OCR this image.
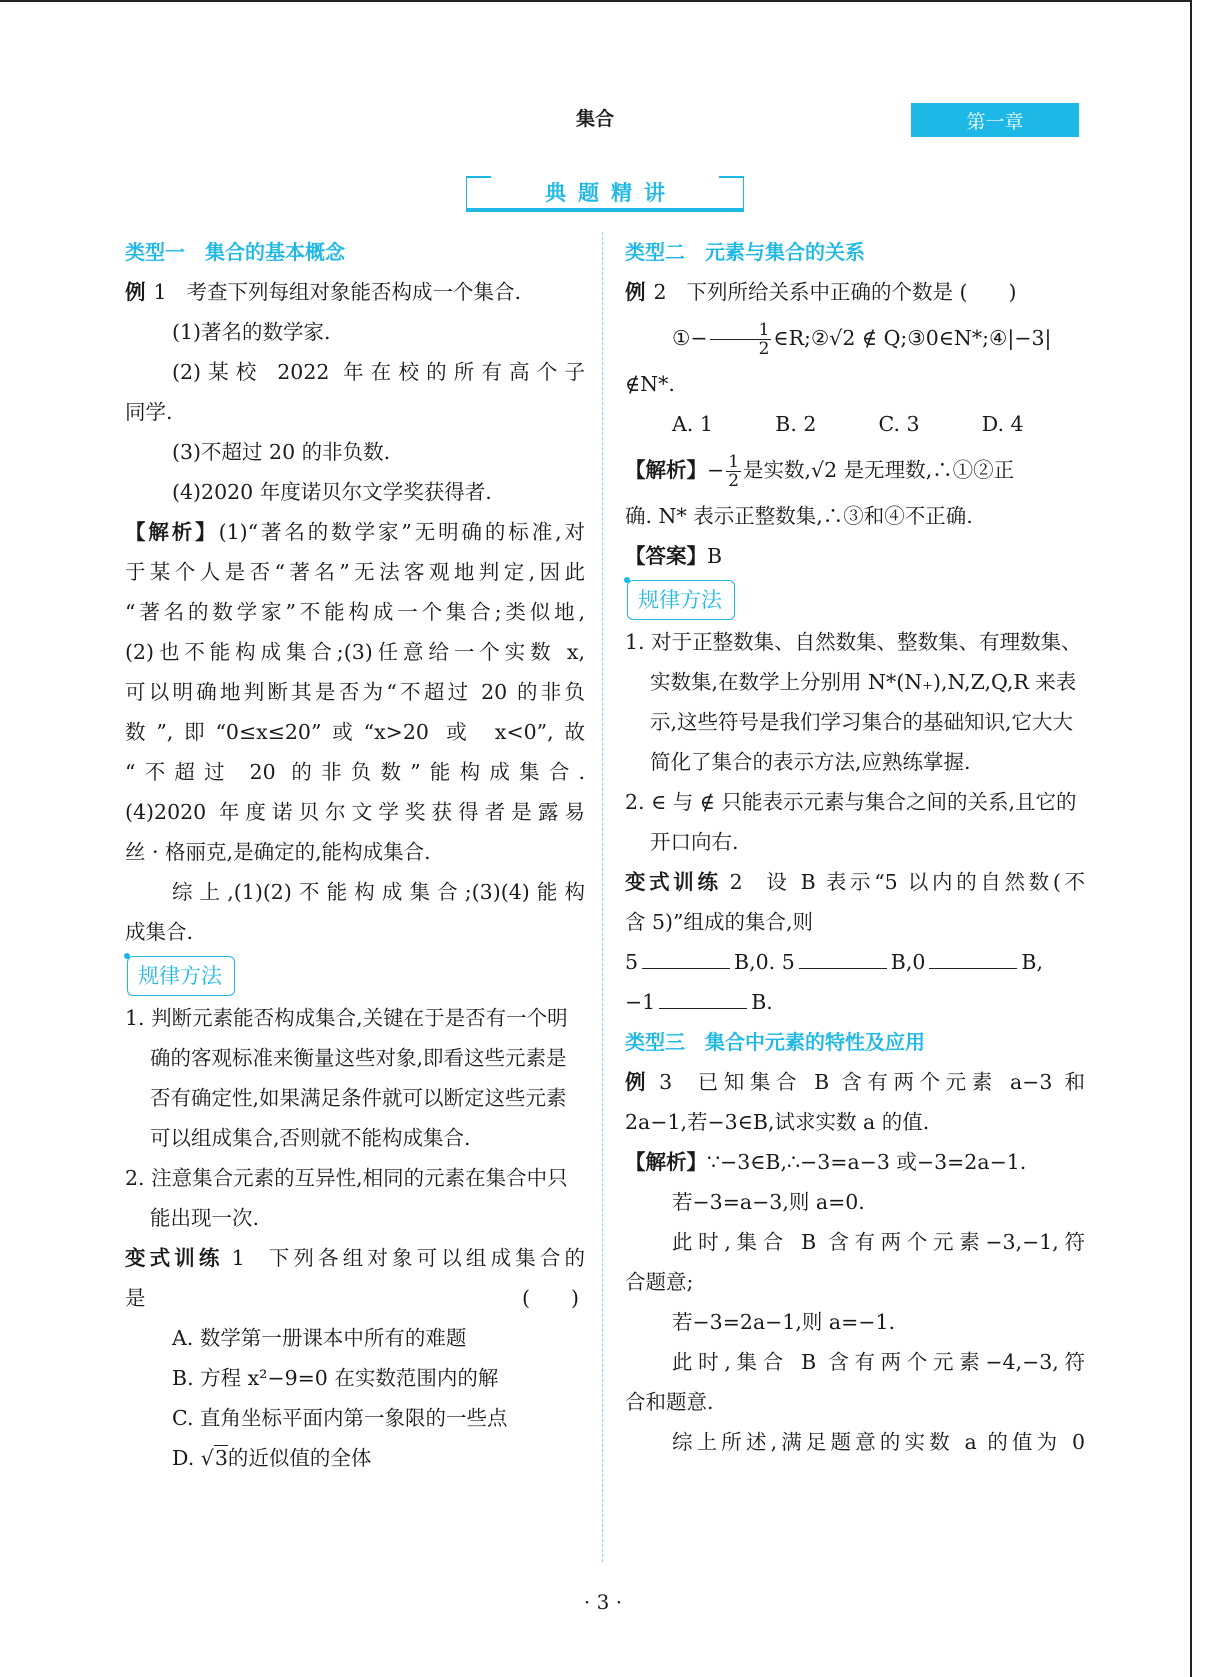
集合	第一章
典题精讲

类型一　集合的基本概念

例 1 考查下列每组对象能否构成一个集合.

(1)著名的数学家.

(2)某校 2022 年在校的所有高个子

同学.

(3)不超过 20 的非负数.

(4)2020 年度诺贝尔文学奖获得者.

【解析】(1)“著名的数学家”无明确的标准,对

于某个人是否“著名”无法客观地判定,因此

“著名的数学家”不能构成一个集合;类似地,

(2)也不能构成集合;(3)任意给一个实数 x,

可以明确地判断其是否为“不超过 20 的非负

数”,即“0≤x≤20”或“x>20 或 x<0”,故

“不超过 20 的非负数”能构成集合.

(4)2020 年度诺贝尔文学奖获得者是露易

丝 · 格丽克,是确定的,能构成集合.

综上,(1)(2)不能构成集合;(3)(4)能构

成集合.

规律方法

1. 判断元素能否构成集合,关键在于是否有一个明确的客观标准来衡量这些对象,即看这些元素是否有确定性,如果满足条件就可以断定这些元素可以组成集合,否则就不能构成集合.

2. 注意集合元素的互异性,相同的元素在集合中只能出现一次.

变式训练 1 下列各组对象可以组成集合的

是	(　　)

A. 数学第一册课本中所有的难题

B. 方程 x²−9=0 在实数范围内的解

C. 直角坐标平面内第一象限的一些点

D. √3的近似值的全体

类型二　元素与集合的关系

例 2 下列所给关系中正确的个数是 (　　)

①− $\frac{1}{2}$ ∈R;②√2 ∉ Q;③0∈N*;④|−3|

∉N*.

A. 1	B. 2	C. 3	D. 4

【解析】− $\frac{1}{2}$ 是实数,√2 是无理数,∴①②正

确. N* 表示正整数集,∴③和④不正确.

【答案】B

规律方法

1. 对于正整数集、自然数集、整数集、有理数集、实数集,在数学上分别用 N*(N₊),N,Z,Q,R 来表示,这些符号是我们学习集合的基础知识,它大大简化了集合的表示方法,应熟练掌握.

2. ∈ 与 ∉ 只能表示元素与集合之间的关系,且它的开口向右.

变式训练 2 设 B 表示“5 以内的自然数(不

含 5)”组成的集合,则

5	B,0. 5	B,0	B,

−1	B.

类型三　集合中元素的特性及应用

例 3 已知集合 B 含有两个元素 a−3 和

2a−1,若−3∈B,试求实数 a 的值.

【解析】∵−3∈B,∴−3=a−3 或−3=2a−1.

若−3=a−3,则 a=0.

此时,集合 B 含有两个元素−3,−1,符

合题意;

若−3=2a−1,则 a=−1.

此时,集合 B 含有两个元素−4,−3,符

合和题意.

综上所述,满足题意的实数 a 的值为 0

· 3 ·
